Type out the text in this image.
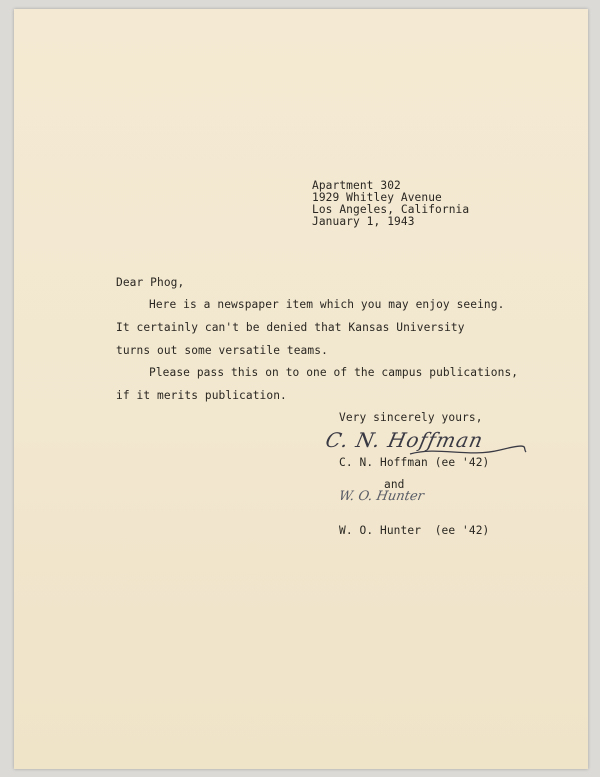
Apartment 302
1929 Whitley Avenue
Los Angeles, California
January 1, 1943
Dear Phog,
Here is a newspaper item which you may enjoy seeing.
It certainly can't be denied that Kansas University
turns out some versatile teams.
Please pass this on to one of the campus publications,
if it merits publication.
Very sincerely yours,
C. N. Hoffman
C. N. Hoffman (ee '42)
and
W. O. Hunter
W. O. Hunter  (ee '42)
